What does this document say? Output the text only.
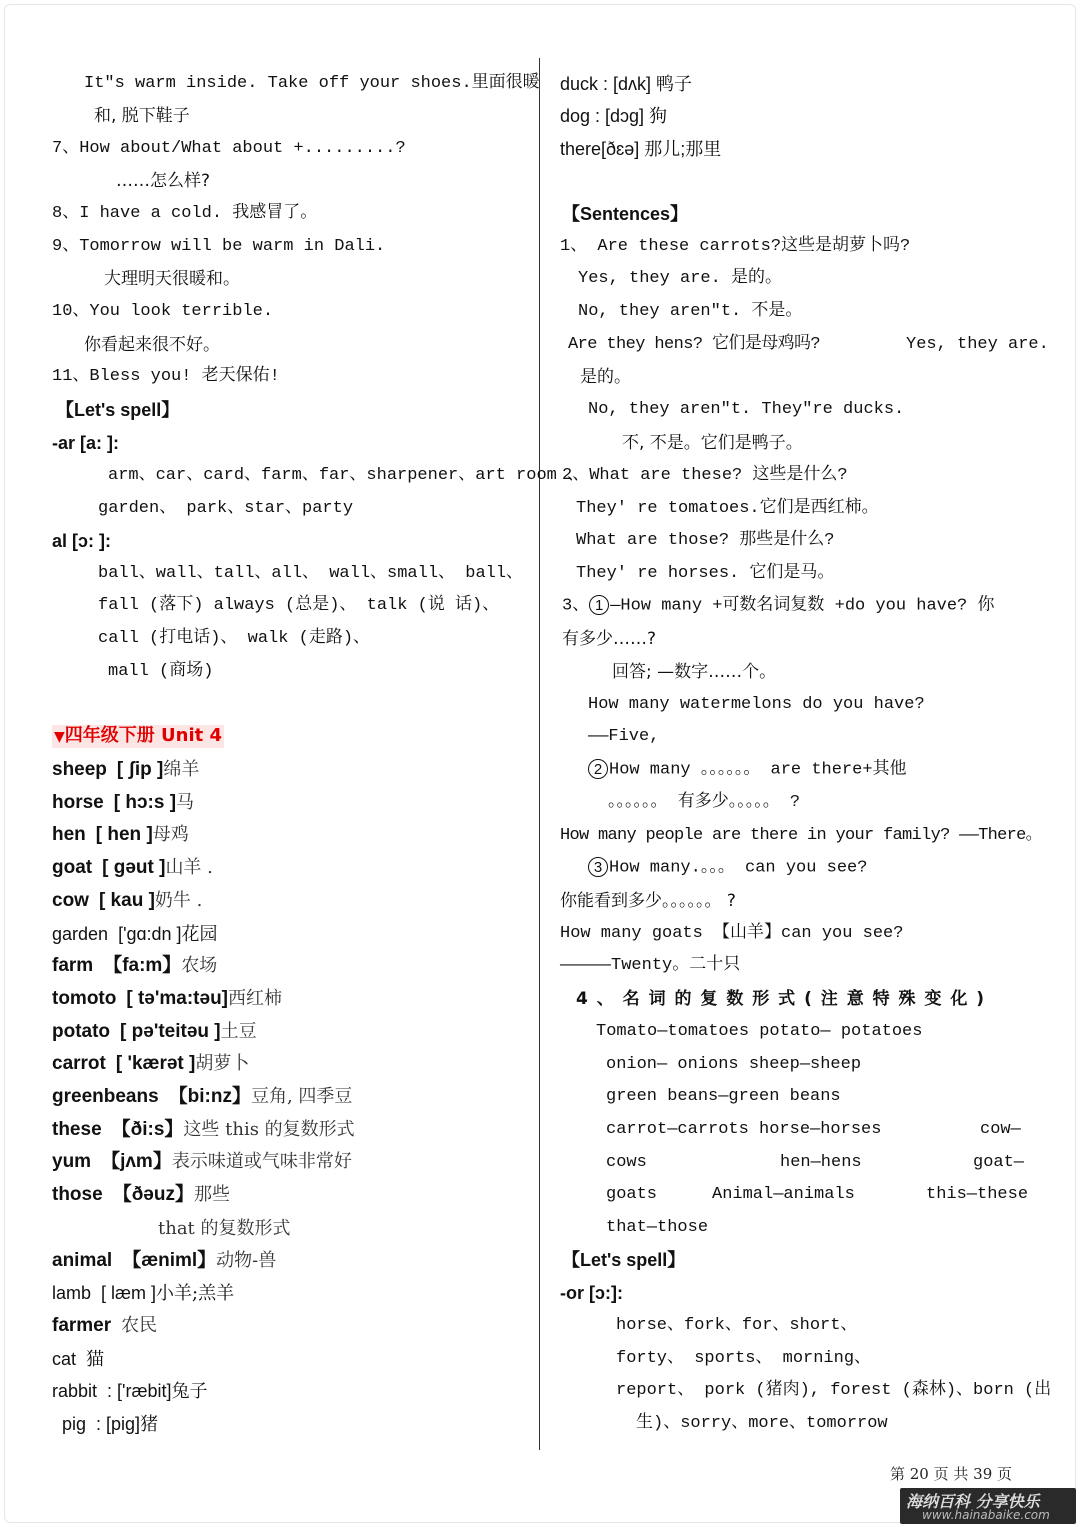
It"s warm inside. Take off your shoes.里面很暖
和, 脱下鞋子
7、How about/What about +.........?
……怎么样?
8、I have a cold. 我感冒了。
9、Tomorrow will be warm in Dali.
大理明天很暖和。
10、You look terrible.
你看起来很不好。
11、Bless you! 老天保佑!
【Let's spell】
-ar [a: ]:
arm、car、card、farm、far、sharpener、art room 、
garden、 park、star、party
al [ɔ: ]:
ball、wall、tall、all、 wall、small、 ball、
fall (落下) always (总是)、 talk (说 话)、
call (打电话)、 walk (走路)、
mall (商场)
▼四年级下册 Unit 4
sheep [ ʃip ]绵羊
horse [ hɔ:s ]马
hen [ hen ]母鸡
goat [ ɡəut ]山羊 .
cow [ kau ]奶牛 .
garden ['ɡɑ:dn ]花园
farm 【fa:m】农场
tomoto [ tə'ma:təu]西红柿
potato [ pə'teitəu ]土豆
carrot [ 'kærət ]胡萝卜
greenbeans 【bi:nz】豆角, 四季豆
these 【ði:s】这些 this 的复数形式
yum 【jʌm】表示味道或气味非常好
those 【ðəuz】那些
that 的复数形式
animal 【æniml】动物-兽
lamb [ læm ]小羊;羔羊
farmer 农民
cat 猫
rabbit : ['ræbit]兔子
pig : [pig]猪
duck : [dʌk] 鸭子
dog : [dɔg] 狗
there[ðɛə] 那儿;那里
【Sentences】
1、 Are these carrots?这些是胡萝卜吗?
Yes, they are. 是的。
No, they aren"t. 不是。
Are they hens? 它们是母鸡吗?	Yes, they are.
是的。
No, they aren"t. They"re ducks.
不, 不是。它们是鸭子。
2、What are these? 这些是什么?
They' re tomatoes.它们是西红柿。
What are those? 那些是什么?
They' re horses. 它们是马。
3、 1 —How many +可数名词复数 +do you have? 你
有多少……?
回答; —数字……个。
How many watermelons do you have?
——Five,
2 How many 。。。。。。 are there+其他
。。。。。。 有多少。。。。。 ?
How many people are there in your family? ——There。
3 How many.。。。 can you see?
你能看到多少。。。。。。 ?
How many goats 【山羊】can you see?
—————Twenty。二十只
4 、 名 词 的 复 数 形 式 ( 注 意 特 殊 变 化 )
Tomato—tomatoes potato— potatoes
onion— onions sheep—sheep
green beans—green beans
carrot—carrots horse—horses	cow—
cows	hen—hens	goat—
goats	Animal—animals	this—these
that—those
【Let's spell】
-or [ɔ:]:
horse、fork、for、short、
forty、 sports、 morning、
report、 pork (猪肉), forest (森林)、born (出
生)、sorry、more、tomorrow
第 20 页 共 39 页
海纳百科 分享快乐
www.hainabaike.com
